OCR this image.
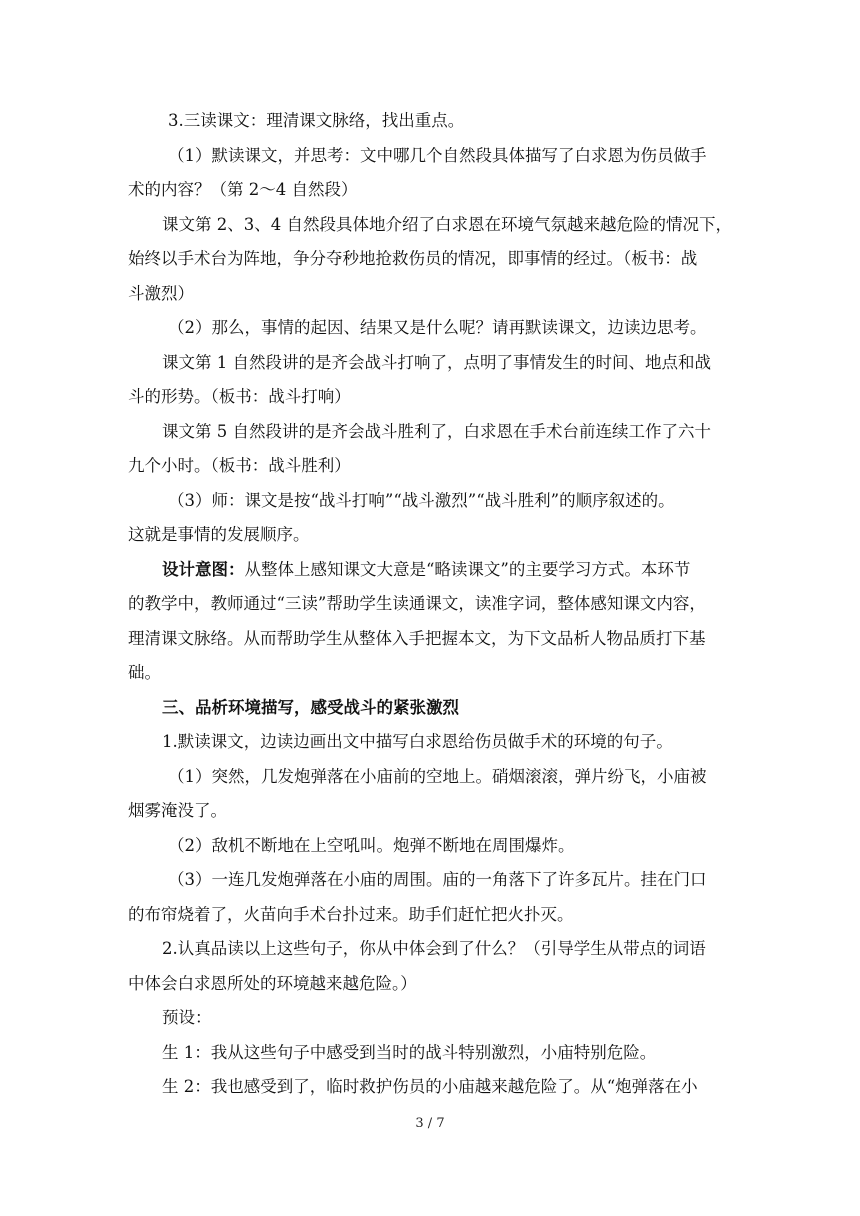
3.三读课文：理清课文脉络，找出重点。
（1）默读课文，并思考：文中哪几个自然段具体描写了白求恩为伤员做手
术的内容？（第 2～4 自然段）
课文第 2、3、4 自然段具体地介绍了白求恩在环境气氛越来越危险的情况下，
始终以手术台为阵地，争分夺秒地抢救伤员的情况，即事情的经过。（板书：战
斗激烈）
（2）那么，事情的起因、结果又是什么呢？请再默读课文，边读边思考。
课文第 1 自然段讲的是齐会战斗打响了，点明了事情发生的时间、地点和战
斗的形势。（板书：战斗打响）
课文第 5 自然段讲的是齐会战斗胜利了，白求恩在手术台前连续工作了六十
九个小时。（板书：战斗胜利）
（3）师：课文是按“战斗打响”“战斗激烈”“战斗胜利”的顺序叙述的。
这就是事情的发展顺序。
设计意图：从整体上感知课文大意是“略读课文”的主要学习方式。本环节
的教学中，教师通过“三读”帮助学生读通课文，读准字词，整体感知课文内容，
理清课文脉络。从而帮助学生从整体入手把握本文，为下文品析人物品质打下基
础。
三、品析环境描写，感受战斗的紧张激烈
1.默读课文，边读边画出文中描写白求恩给伤员做手术的环境的句子。
（1）突然，几发炮弹落在小庙前的空地上。硝烟滚滚，弹片纷飞，小庙被
烟雾淹没了。
（2）敌机不断地在上空吼叫。炮弹不断地在周围爆炸。
（3）一连几发炮弹落在小庙的周围。庙的一角落下了许多瓦片。挂在门口
的布帘烧着了，火苗向手术台扑过来。助手们赶忙把火扑灭。
2.认真品读以上这些句子，你从中体会到了什么？（引导学生从带点的词语
中体会白求恩所处的环境越来越危险。）
预设：
生 1：我从这些句子中感受到当时的战斗特别激烈，小庙特别危险。
生 2：我也感受到了，临时救护伤员的小庙越来越危险了。从“炮弹落在小
3 / 7
